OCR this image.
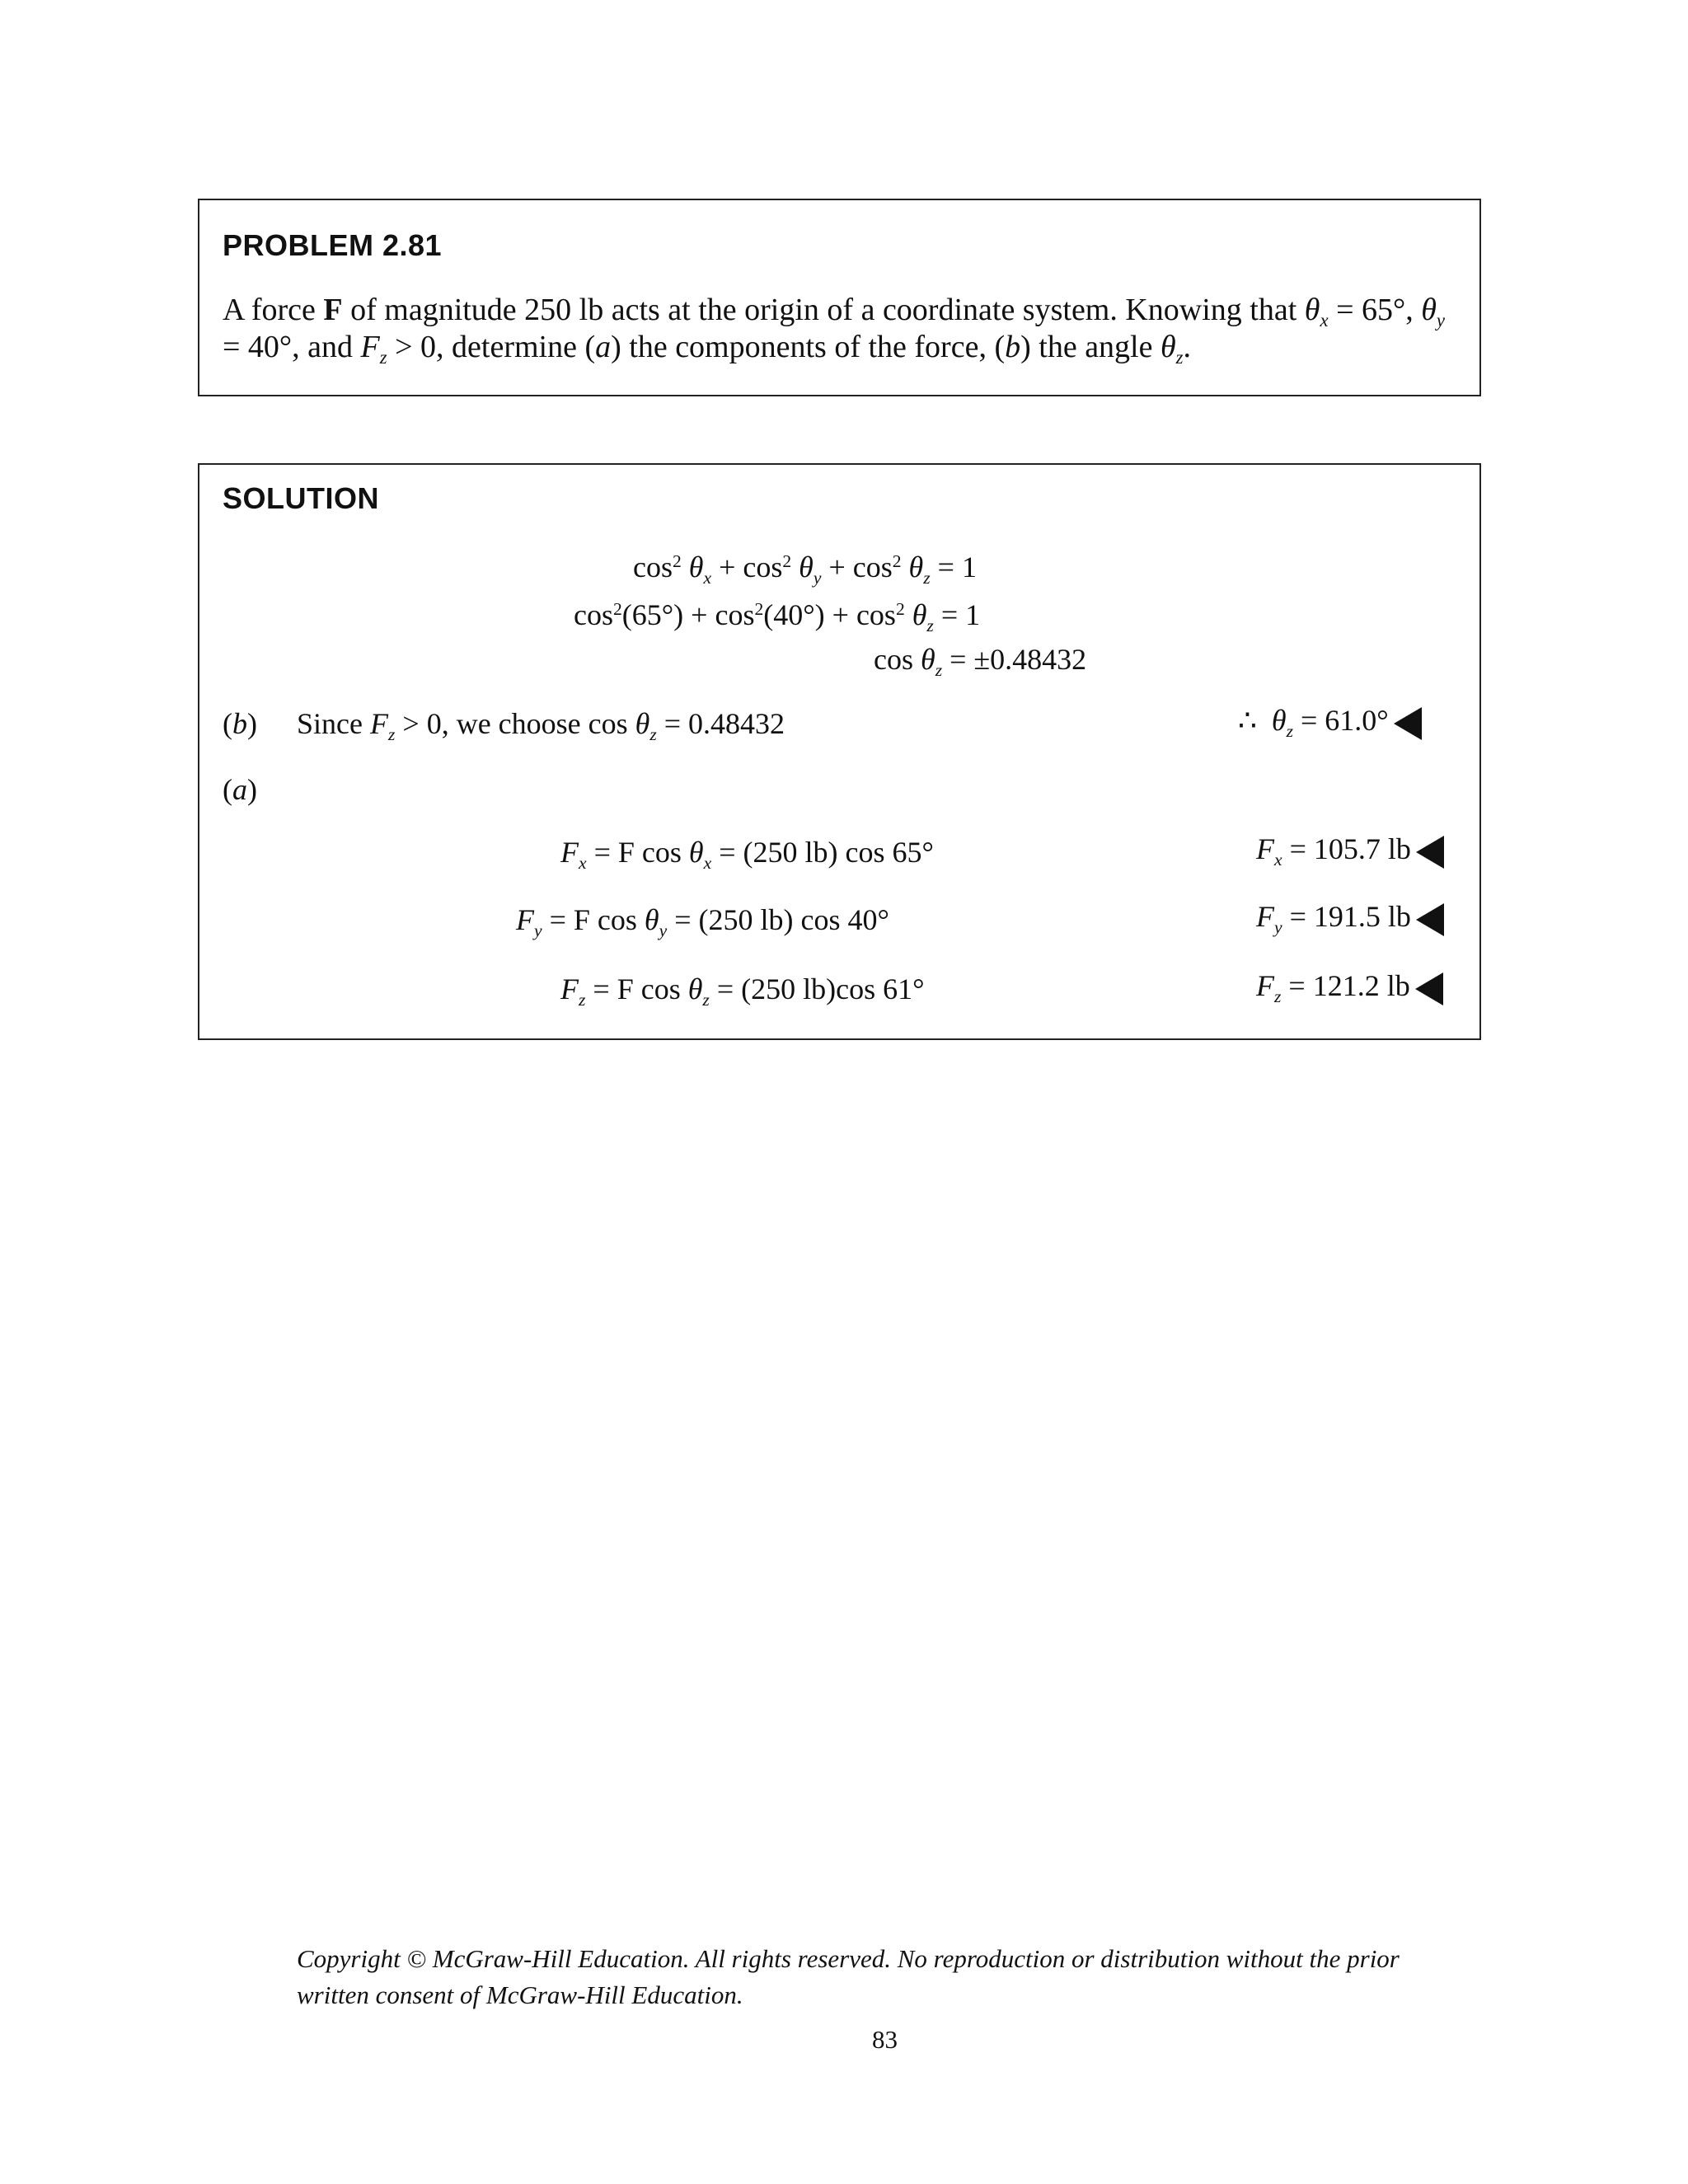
PROBLEM 2.81
A force F of magnitude 250 lb acts at the origin of a coordinate system. Knowing that $\theta_x = 65^\circ$, $\theta_y = 40^\circ$, and $F_z > 0$, determine (a) the components of the force, (b) the angle $\theta_z$.
SOLUTION
$\cos^2 \theta_x + \cos^2 \theta_y + \cos^2 \theta_z = 1$
$\cos^2(65^\circ) + \cos^2(40^\circ) + \cos^2 \theta_z = 1$
$\cos \theta_z = \pm 0.48432$
(b) Since $F_z > 0$, we choose $\cos \theta_z = 0.48432$	∴ $\theta_z = 61.0^\circ$
(a)
$F_x = F$ $\cos \theta_x = (250$ lb) cos 65°	$F_x = 105.7$ lb
$F_y = F$ $\cos \theta_y = (250$ lb) cos 40°	$F_y = 191.5$ lb
$F_z = F$ $\cos \theta_z = (250$ lb)cos 61°	$F_z = 121.2$ lb
Copyright © McGraw-Hill Education. All rights reserved. No reproduction or distribution without the prior written consent of McGraw-Hill Education.
83
